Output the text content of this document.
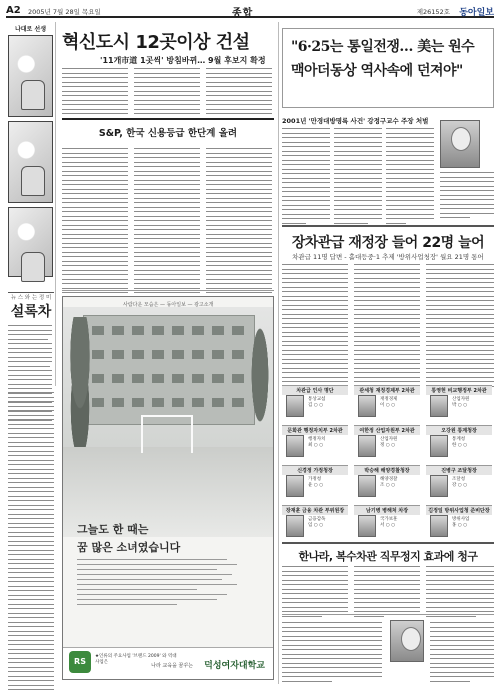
A2 2005년 7월 28일 목요일	종합	제26152호 동아일보
나대로 선생
뉴 스 와 는 정 미
설록차
혁신도시 12곳이상 건설
'11개市道 1곳씩' 방침바뀌… 9월 후보지 확정
S&P, 한국 신용등급 한단계 올려
"6·25는 통일전쟁… 美는 원수
맥아더동상 역사속에 던져야"
2001년 '만경대방명록 사건' 강정구교수 주장 처벌
장차관급 재정장 들어 22명 늘어
차관급 11명 답변 - 홀대등중·1 추제 '방위사업청장' 월요 21명 통어
차관급 인사 명단
통상교섭
김 ○ ○
관세청 재정경제부 2차관
재정경제
이 ○ ○
통영현 비교행정부 2차관
산업자원
박 ○ ○
문화관 행정자치부 2차관
행정자치
최 ○ ○
여한정 산업자원부 2차관
산업자원
정 ○ ○
오강원 통계청장
통계청
한 ○ ○
신경정 가정청장
가정청
윤 ○ ○
박승해 해양경찰청장
해양경찰
조 ○ ○
진병구 조달청장
조달청
강 ○ ○
장재훈 금융 차관 부위원장
금융감독
임 ○ ○
남기병 병해처 차장
국가보훈
서 ○ ○
김정일 방위사업청 준비단장
방위사업
홍 ○ ○
한나라, 복수차관 직무정지 효과에 청구
사람다운 모습은 — 동아일보 — 광고소개
그늘도 한 때는
꿈 많은 소녀였습니다
RS
★인류의 주요사업 '브랜드 2009' 와 역대사업은
나라 교육을 꿈꾸는 덕성여자대학교
